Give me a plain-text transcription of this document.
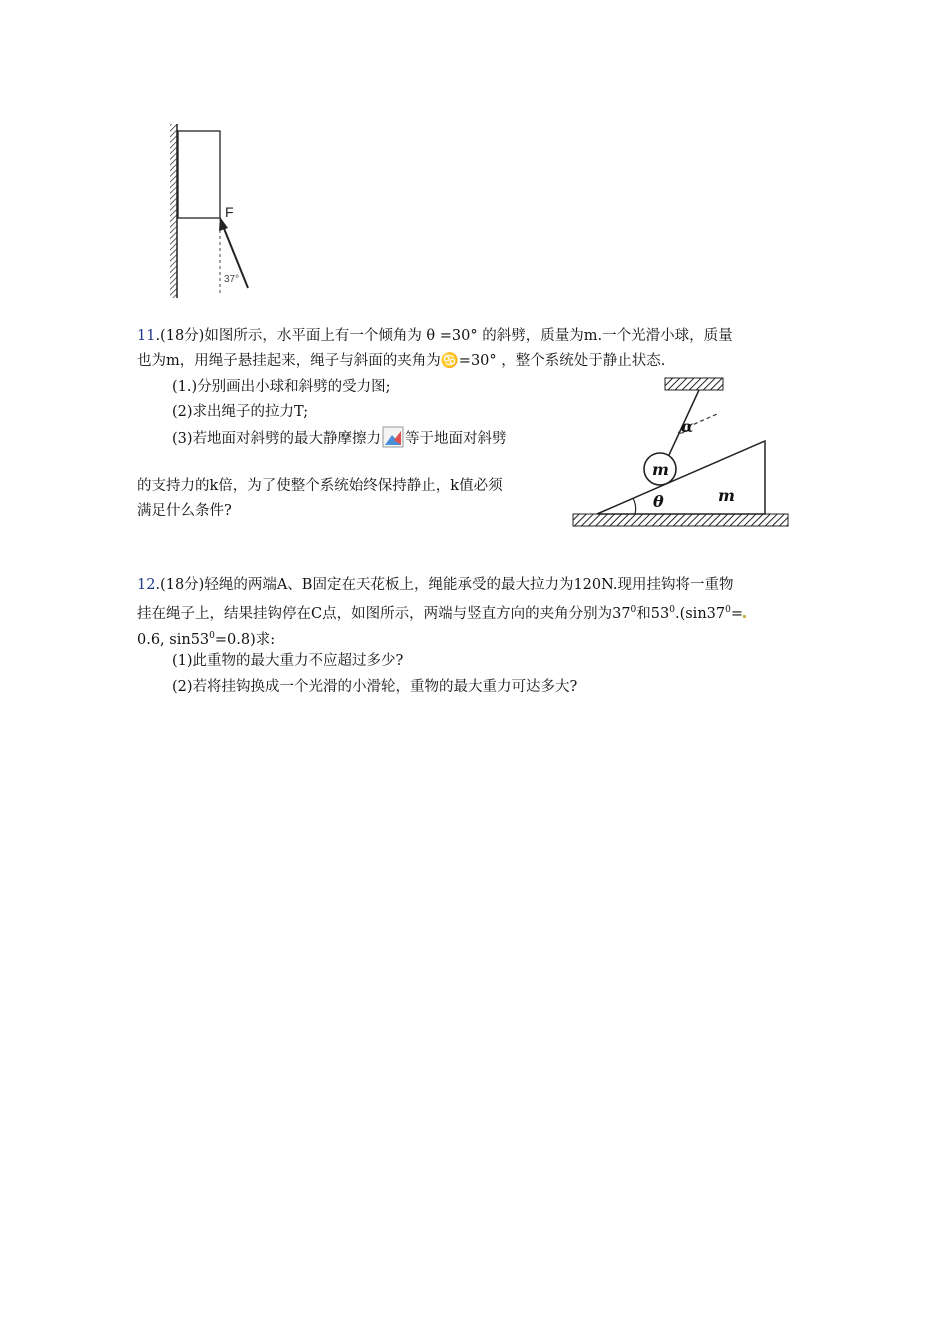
F
37°
11.(18分)如图所示，水平面上有一个倾角为 θ =30° 的斜劈，质量为m.一个光滑小球，质量
也为m，用绳子悬挂起来，绳子与斜面的夹角为♋=30° ，整个系统处于静止状态.
(1.)分别画出小球和斜劈的受力图;
(2)求出绳子的拉力T;
(3)若地面对斜劈的最大静摩擦力 等于地面对斜劈
的支持力的k倍，为了使整个系统始终保持静止，k值必须
满足什么条件?
α
m
θ	m
12.(18分)轻绳的两端A、B固定在天花板上，绳能承受的最大拉力为120N.现用挂钩将一重物
挂在绳子上，结果挂钩停在C点，如图所示，两端与竖直方向的夹角分别为$37^0$和$53^0.(\sin 37^0=$
0.6, $\sin 53^0=0.8$)求:
(1)此重物的最大重力不应超过多少?
(2)若将挂钩换成一个光滑的小滑轮，重物的最大重力可达多大?
